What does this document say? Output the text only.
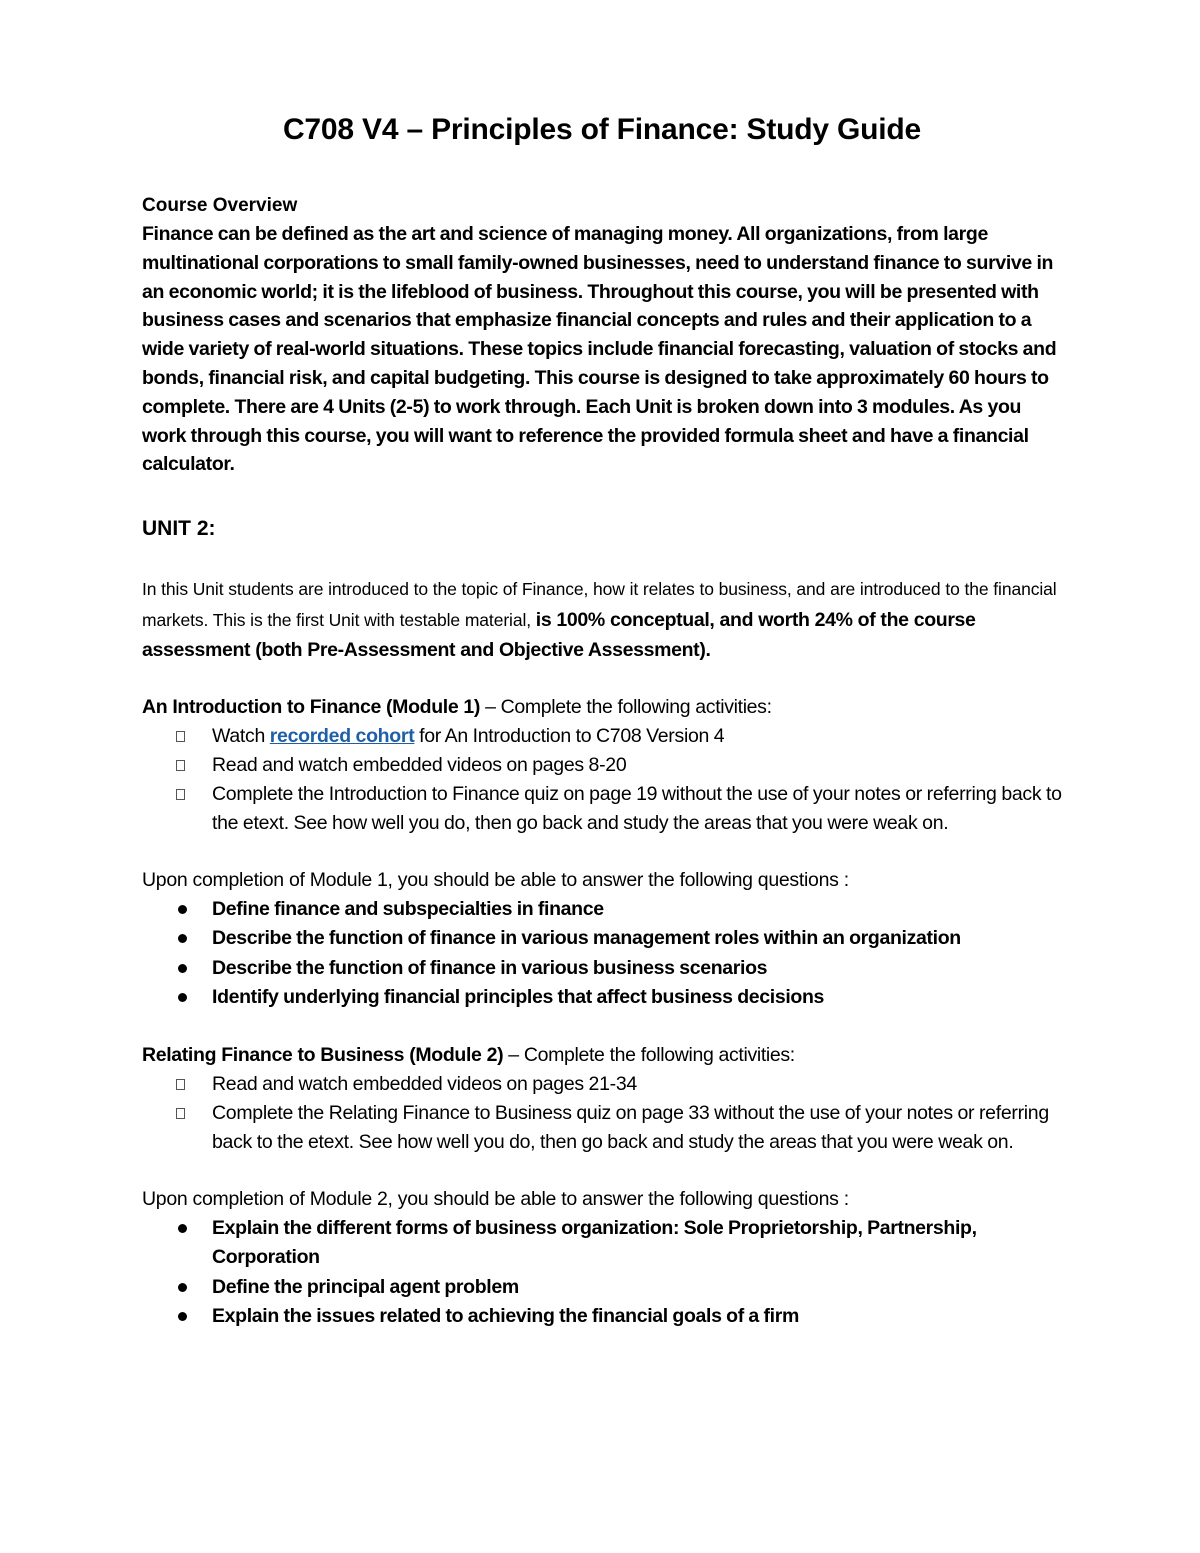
C708 V4 – Principles of Finance: Study Guide

Course Overview

Finance can be defined as the art and science of managing money. All organizations, from large multinational corporations to small family-owned businesses, need to understand finance to survive in an economic world; it is the lifeblood of business. Throughout this course, you will be presented with business cases and scenarios that emphasize financial concepts and rules and their application to a wide variety of real-world situations. These topics include financial forecasting, valuation of stocks and bonds, financial risk, and capital budgeting. This course is designed to take approximately 60 hours to complete. There are 4 Units (2-5) to work through. Each Unit is broken down into 3 modules. As you work through this course, you will want to reference the provided formula sheet and have a financial calculator.

UNIT 2:

In this Unit students are introduced to the topic of Finance, how it relates to business, and are introduced to the financial markets. This is the first Unit with testable material, is 100% conceptual, and worth 24% of the course assessment (both Pre-Assessment and Objective Assessment).

An Introduction to Finance (Module 1) – Complete the following activities:

Watch recorded cohort for An Introduction to C708 Version 4
Read and watch embedded videos on pages 8-20
Complete the Introduction to Finance quiz on page 19 without the use of your notes or referring back to the etext. See how well you do, then go back and study the areas that you were weak on.

Upon completion of Module 1, you should be able to answer the following questions :

Define finance and subspecialties in finance
Describe the function of finance in various management roles within an organization
Describe the function of finance in various business scenarios
Identify underlying financial principles that affect business decisions

Relating Finance to Business (Module 2) – Complete the following activities:

Read and watch embedded videos on pages 21-34
Complete the Relating Finance to Business quiz on page 33 without the use of your notes or referring back to the etext. See how well you do, then go back and study the areas that you were weak on.

Upon completion of Module 2, you should be able to answer the following questions :

Explain the different forms of business organization: Sole Proprietorship, Partnership, Corporation
Define the principal agent problem
Explain the issues related to achieving the financial goals of a firm
